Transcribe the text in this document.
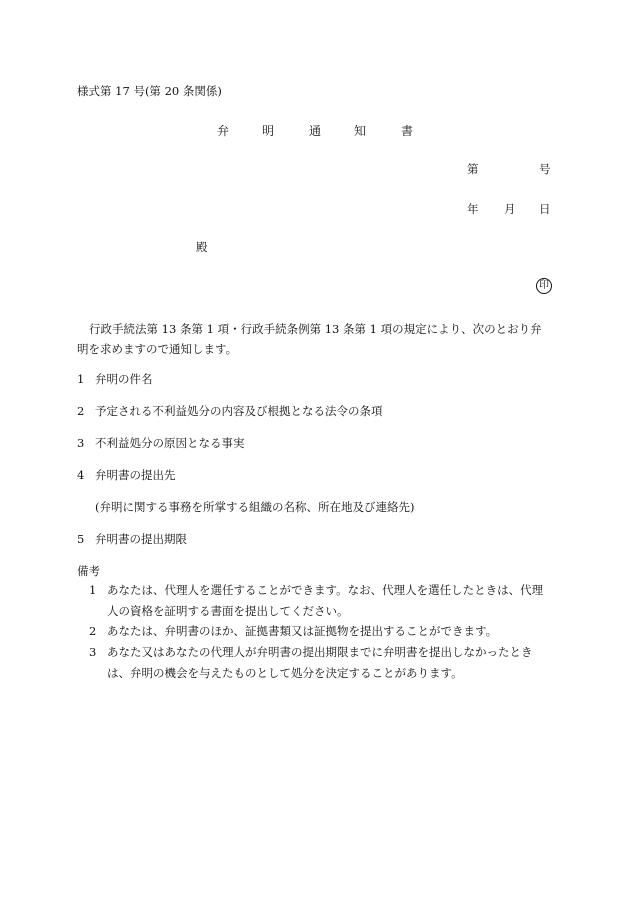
様式第 17 号(第 20 条関係)
弁	明	通	知	書
第	号
年 月 日
殿
印
行政手続法第 13 条第 1 項・行政手続条例第 13 条第 1 項の規定により、次のとおり弁明を求めますので通知します。
1 弁明の件名
2 予定される不利益処分の内容及び根拠となる法令の条項
3 不利益処分の原因となる事実
4 弁明書の提出先
(弁明に関する事務を所掌する組織の名称、所在地及び連絡先)
5 弁明書の提出期限
備考
1 あなたは、代理人を選任することができます。なお、代理人を選任したときは、代理
人の資格を証明する書面を提出してください。
2 あなたは、弁明書のほか、証拠書類又は証拠物を提出することができます。
3 あなた又はあなたの代理人が弁明書の提出期限までに弁明書を提出しなかったとき
は、弁明の機会を与えたものとして処分を決定することがあります。
